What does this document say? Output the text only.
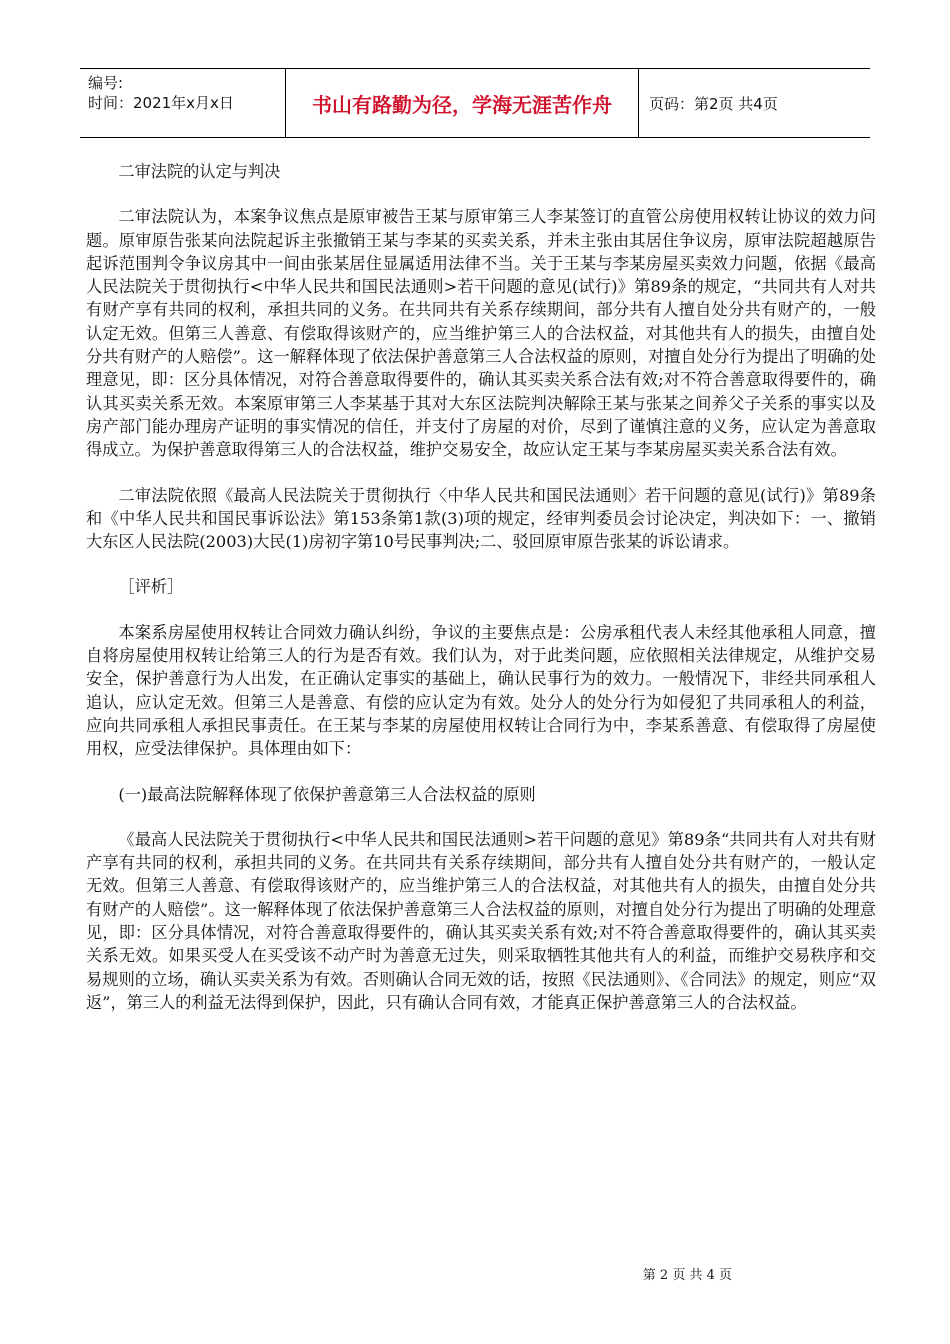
编号:
时间：2021年x月x日	书山有路勤为径，学海无涯苦作舟	页码：第2页 共4页

二审法院的认定与判决

二审法院认为，本案争议焦点是原审被告王某与原审第三人李某签订的直管公房使用权转让协议的效力问题。原审原告张某向法院起诉主张撤销王某与李某的买卖关系，并未主张由其居住争议房，原审法院超越原告起诉范围判令争议房其中一间由张某居住显属适用法律不当。关于王某与李某房屋买卖效力问题，依据《最高人民法院关于贯彻执行<中华人民共和国民法通则>若干问题的意见(试行)》第89条的规定，“共同共有人对共有财产享有共同的权利，承担共同的义务。在共同共有关系存续期间，部分共有人擅自处分共有财产的，一般认定无效。但第三人善意、有偿取得该财产的，应当维护第三人的合法权益，对其他共有人的损失，由擅自处分共有财产的人赔偿”。这一解释体现了依法保护善意第三人合法权益的原则，对擅自处分行为提出了明确的处理意见，即：区分具体情况，对符合善意取得要件的，确认其买卖关系合法有效;对不符合善意取得要件的，确认其买卖关系无效。本案原审第三人李某基于其对大东区法院判决解除王某与张某之间养父子关系的事实以及房产部门能办理房产证明的事实情况的信任，并支付了房屋的对价，尽到了谨慎注意的义务，应认定为善意取得成立。为保护善意取得第三人的合法权益，维护交易安全，故应认定王某与李某房屋买卖关系合法有效。

二审法院依照《最高人民法院关于贯彻执行〈中华人民共和国民法通则〉若干问题的意见(试行)》第89条和《中华人民共和国民事诉讼法》第153条第1款(3)项的规定，经审判委员会讨论决定，判决如下：一、撤销大东区人民法院(2003)大民(1)房初字第10号民事判决;二、驳回原审原告张某的诉讼请求。

［评析］

本案系房屋使用权转让合同效力确认纠纷，争议的主要焦点是：公房承租代表人未经其他承租人同意，擅自将房屋使用权转让给第三人的行为是否有效。我们认为，对于此类问题，应依照相关法律规定，从维护交易安全，保护善意行为人出发，在正确认定事实的基础上，确认民事行为的效力。一般情况下，非经共同承租人追认，应认定无效。但第三人是善意、有偿的应认定为有效。处分人的处分行为如侵犯了共同承租人的利益，应向共同承租人承担民事责任。在王某与李某的房屋使用权转让合同行为中，李某系善意、有偿取得了房屋使用权，应受法律保护。具体理由如下：

(一)最高法院解释体现了依保护善意第三人合法权益的原则

《最高人民法院关于贯彻执行<中华人民共和国民法通则>若干问题的意见》第89条“共同共有人对共有财产享有共同的权利，承担共同的义务。在共同共有关系存续期间，部分共有人擅自处分共有财产的，一般认定无效。但第三人善意、有偿取得该财产的，应当维护第三人的合法权益，对其他共有人的损失，由擅自处分共有财产的人赔偿”。这一解释体现了依法保护善意第三人合法权益的原则，对擅自处分行为提出了明确的处理意见，即：区分具体情况，对符合善意取得要件的，确认其买卖关系有效;对不符合善意取得要件的，确认其买卖关系无效。如果买受人在买受该不动产时为善意无过失，则采取牺牲其他共有人的利益，而维护交易秩序和交易规则的立场，确认买卖关系为有效。否则确认合同无效的话，按照《民法通则》、《合同法》的规定，则应“双返”，第三人的利益无法得到保护，因此，只有确认合同有效，才能真正保护善意第三人的合法权益。

第 2 页 共 4 页
